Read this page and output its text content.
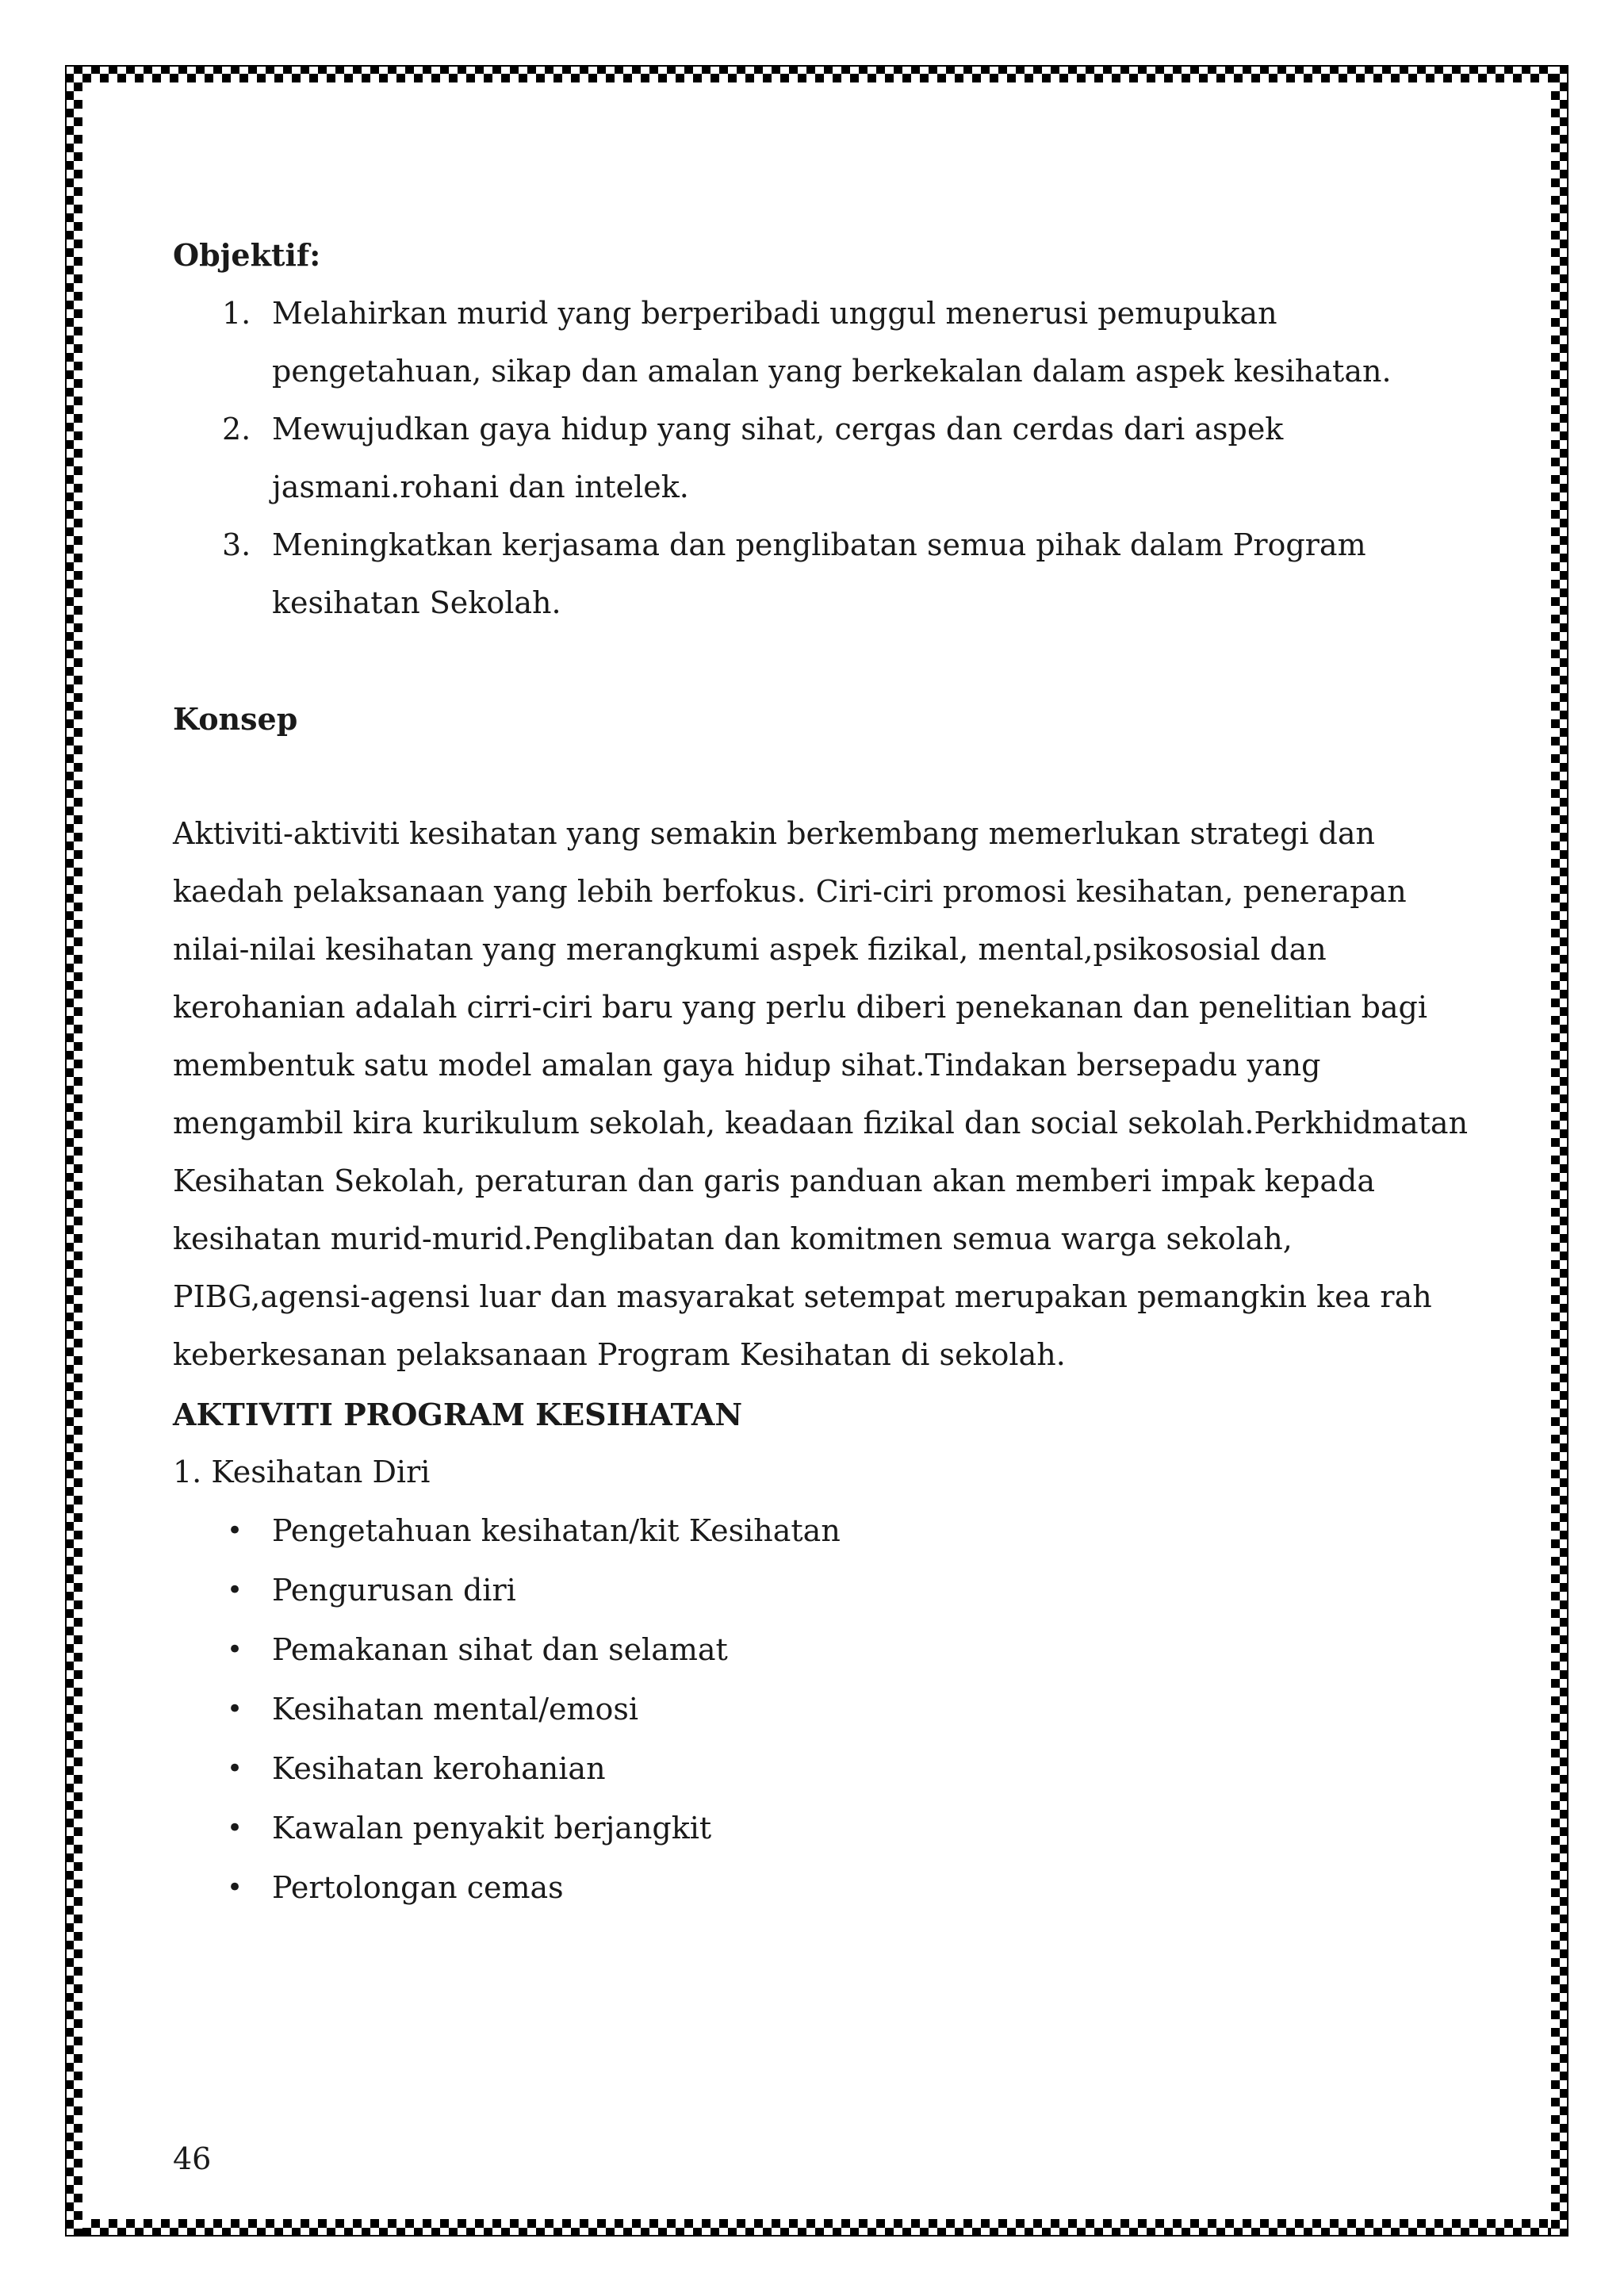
Objektif:
1. Melahirkan murid yang berperibadi unggul menerusi pemupukan pengetahuan, sikap dan amalan yang berkekalan dalam aspek kesihatan.
2. Mewujudkan gaya hidup yang sihat, cergas dan cerdas dari aspek jasmani.rohani dan intelek.
3. Meningkatkan kerjasama dan penglibatan semua pihak dalam Program kesihatan Sekolah.
Konsep
Aktiviti-aktiviti kesihatan yang semakin berkembang memerlukan strategi dan kaedah pelaksanaan yang lebih berfokus. Ciri-ciri promosi kesihatan, penerapan nilai-nilai kesihatan yang merangkumi aspek fizikal, mental,psikososial dan kerohanian adalah cirri-ciri baru yang perlu diberi penekanan dan penelitian bagi membentuk satu model amalan gaya hidup sihat.Tindakan bersepadu yang mengambil kira kurikulum sekolah, keadaan fizikal dan social sekolah.Perkhidmatan Kesihatan Sekolah, peraturan dan garis panduan akan memberi impak kepada kesihatan murid-murid.Penglibatan dan komitmen semua warga sekolah, PIBG,agensi-agensi luar dan masyarakat setempat merupakan pemangkin kea rah keberkesanan pelaksanaan Program Kesihatan di sekolah.
AKTIVITI PROGRAM KESIHATAN
1. Kesihatan Diri
• Pengetahuan kesihatan/kit Kesihatan
• Pengurusan diri
• Pemakanan sihat dan selamat
• Kesihatan mental/emosi
• Kesihatan kerohanian
• Kawalan penyakit berjangkit
• Pertolongan cemas
46
